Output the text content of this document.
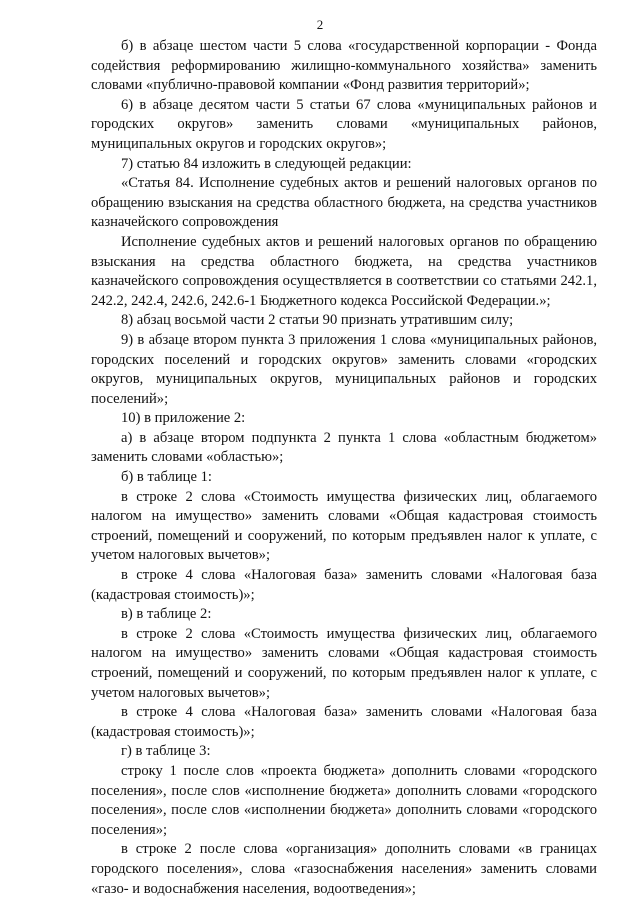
2

б) в абзаце шестом части 5 слова «государственной корпорации - Фонда содействия реформированию жилищно-коммунального хозяйства» заменить словами «публично-правовой компании «Фонд развития территорий»;

6) в абзаце десятом части 5 статьи 67 слова «муниципальных районов и городских округов» заменить словами «муниципальных районов, муниципальных округов и городских округов»;

7) статью 84 изложить в следующей редакции:

«Статья 84. Исполнение судебных актов и решений налоговых органов по обращению взыскания на средства областного бюджета, на средства участников казначейского сопровождения

Исполнение судебных актов и решений налоговых органов по обращению взыскания на средства областного бюджета, на средства участников казначейского сопровождения осуществляется в соответствии со статьями 242.1, 242.2, 242.4, 242.6, 242.6-1 Бюджетного кодекса Российской Федерации.»;

8) абзац восьмой части 2 статьи 90 признать утратившим силу;

9) в абзаце втором пункта 3 приложения 1 слова «муниципальных районов, городских поселений и городских округов» заменить словами «городских округов, муниципальных округов, муниципальных районов и городских поселений»;

10) в приложение 2:

а) в абзаце втором подпункта 2 пункта 1 слова «областным бюджетом» заменить словами «областью»;

б) в таблице 1:

в строке 2 слова «Стоимость имущества физических лиц, облагаемого налогом на имущество» заменить словами «Общая кадастровая стоимость строений, помещений и сооружений, по которым предъявлен налог к уплате, с учетом налоговых вычетов»;

в строке 4 слова «Налоговая база» заменить словами «Налоговая база (кадастровая стоимость)»;

в) в таблице 2:

в строке 2 слова «Стоимость имущества физических лиц, облагаемого налогом на имущество» заменить словами «Общая кадастровая стоимость строений, помещений и сооружений, по которым предъявлен налог к уплате, с учетом налоговых вычетов»;

в строке 4 слова «Налоговая база» заменить словами «Налоговая база (кадастровая стоимость)»;

г) в таблице 3:

строку 1 после слов «проекта бюджета» дополнить словами «городского поселения», после слов «исполнение бюджета» дополнить словами «городского поселения», после слов «исполнении бюджета» дополнить словами «городского поселения»;

в строке 2 после слова «организация» дополнить словами «в границах городского поселения», слова «газоснабжения населения» заменить словами «газо- и водоснабжения населения, водоотведения»;
